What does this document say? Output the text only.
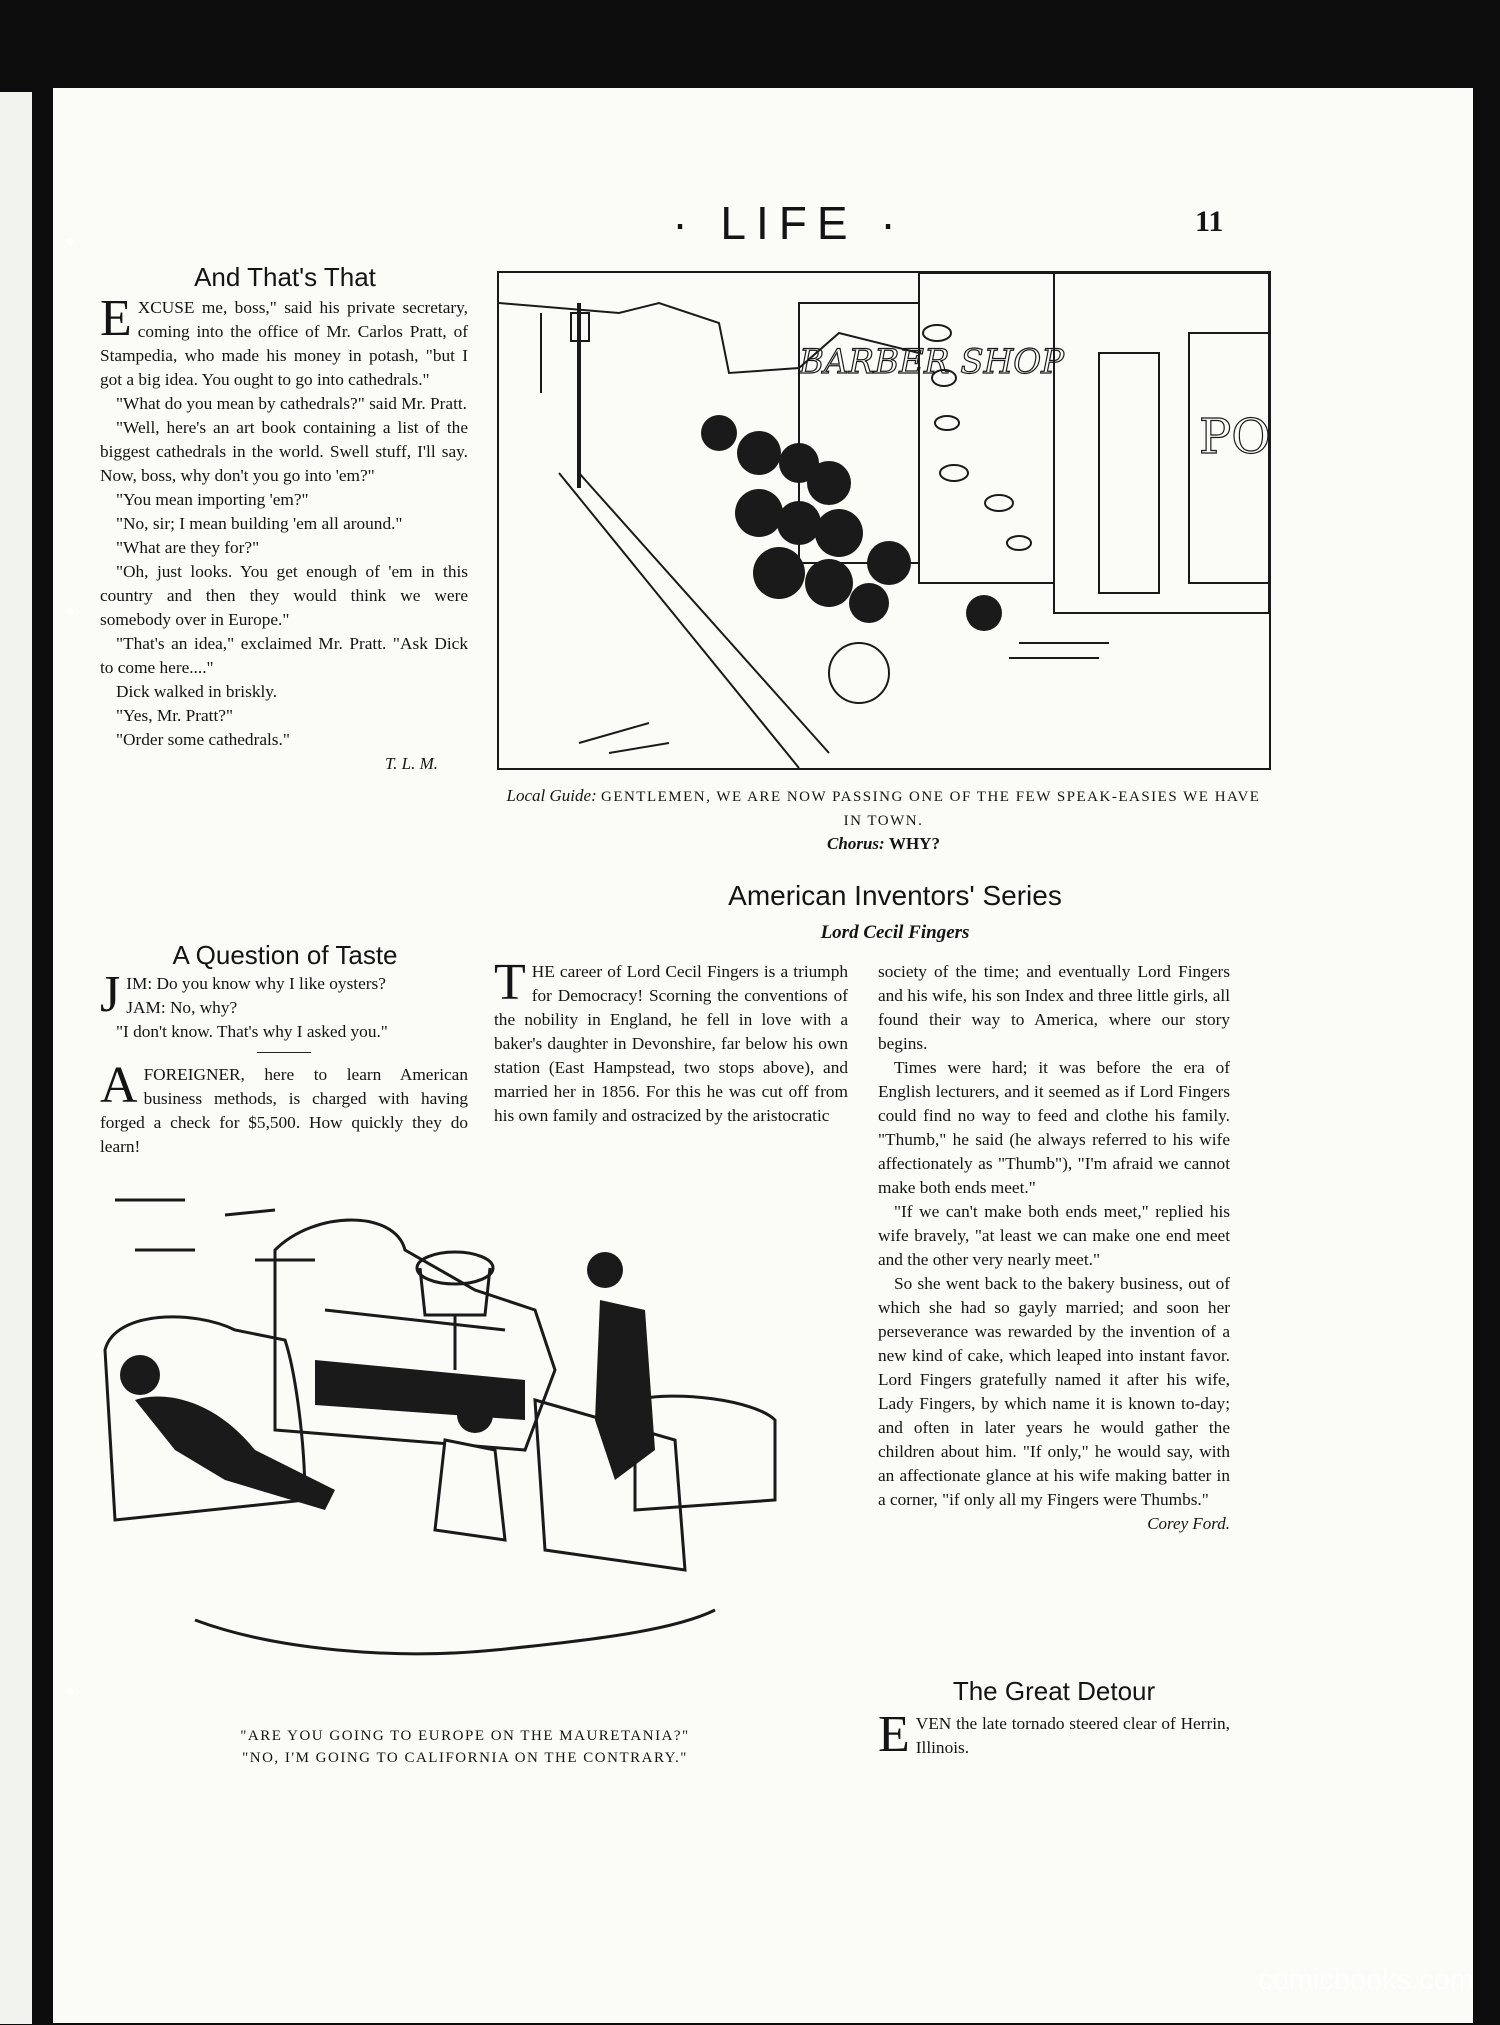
· LIFE ·	11
And That's That

EXCUSE me, boss," said his private secretary, coming into the office of Mr. Carlos Pratt, of Stampedia, who made his money in potash, "but I got a big idea. You ought to go into cathedrals."

"What do you mean by cathedrals?" said Mr. Pratt.

"Well, here's an art book containing a list of the biggest cathedrals in the world. Swell stuff, I'll say. Now, boss, why don't you go into 'em?"

"You mean importing 'em?"

"No, sir; I mean building 'em all around."

"What are they for?"

"Oh, just looks. You get enough of 'em in this country and then they would think we were somebody over in Europe."

"That's an idea," exclaimed Mr. Pratt. "Ask Dick to come here...."

Dick walked in briskly.

"Yes, Mr. Pratt?"

"Order some cathedrals."

T. L. M.
A Question of Taste

JIM: Do you know why I like oysters?
JAM: No, why?

"I don't know. That's why I asked you."

AFOREIGNER, here to learn American business methods, is charged with having forged a check for $5,500. How quickly they do learn!

BARBER SHOP
PO
Local Guide: GENTLEMEN, WE ARE NOW PASSING ONE OF THE FEW SPEAK-EASIES WE HAVE IN TOWN.
Chorus: WHY?
American Inventors' Series
Lord Cecil Fingers

THE career of Lord Cecil Fingers is a triumph for Democracy! Scorning the conventions of the nobility in England, he fell in love with a baker's daughter in Devonshire, far below his own station (East Hampstead, two stops above), and married her in 1856. For this he was cut off from his own family and ostracized by the aristocratic

society of the time; and eventually Lord Fingers and his wife, his son Index and three little girls, all found their way to America, where our story begins.

Times were hard; it was before the era of English lecturers, and it seemed as if Lord Fingers could find no way to feed and clothe his family. "Thumb," he said (he always referred to his wife affectionately as "Thumb"), "I'm afraid we cannot make both ends meet."

"If we can't make both ends meet," replied his wife bravely, "at least we can make one end meet and the other very nearly meet."

So she went back to the bakery business, out of which she had so gayly married; and soon her perseverance was rewarded by the invention of a new kind of cake, which leaped into instant favor. Lord Fingers gratefully named it after his wife, Lady Fingers, by which name it is known to-day; and often in later years he would gather the children about him. "If only," he would say, with an affectionate glance at his wife making batter in a corner, "if only all my Fingers were Thumbs."

Corey Ford.
"ARE YOU GOING TO EUROPE ON THE MAURETANIA?"
"NO, I'M GOING TO CALIFORNIA ON THE CONTRARY."
The Great Detour

EVEN the late tornado steered clear of Herrin, Illinois.

comicbooks.com
